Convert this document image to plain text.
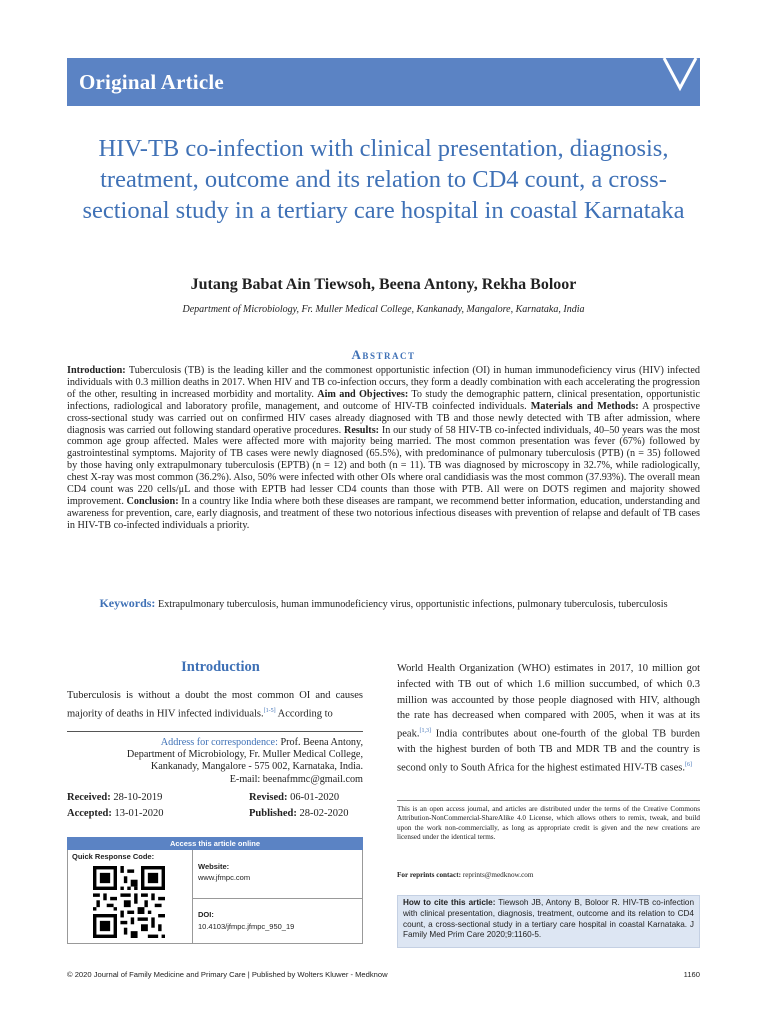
Original Article
HIV-TB co-infection with clinical presentation, diagnosis, treatment, outcome and its relation to CD4 count, a cross-sectional study in a tertiary care hospital in coastal Karnataka
Jutang Babat Ain Tiewsoh, Beena Antony, Rekha Boloor
Department of Microbiology, Fr. Muller Medical College, Kankanady, Mangalore, Karnataka, India
Abstract
Introduction: Tuberculosis (TB) is the leading killer and the commonest opportunistic infection (OI) in human immunodeficiency virus (HIV) infected individuals with 0.3 million deaths in 2017. When HIV and TB co-infection occurs, they form a deadly combination with each accelerating the progression of the other, resulting in increased morbidity and mortality. Aim and Objectives: To study the demographic pattern, clinical presentation, opportunistic infections, radiological and laboratory profile, management, and outcome of HIV-TB coinfected individuals. Materials and Methods: A prospective cross-sectional study was carried out on confirmed HIV cases already diagnosed with TB and those newly detected with TB after admission, where diagnosis was carried out following standard operative procedures. Results: In our study of 58 HIV-TB co-infected individuals, 40–50 years was the most common age group affected. Males were affected more with majority being married. The most common presentation was fever (67%) followed by gastrointestinal symptoms. Majority of TB cases were newly diagnosed (65.5%), with predominance of pulmonary tuberculosis (PTB) (n = 35) followed by those having only extrapulmonary tuberculosis (EPTB) (n = 12) and both (n = 11). TB was diagnosed by microscopy in 32.7%, while radiologically, chest X-ray was most common (36.2%). Also, 50% were infected with other OIs where oral candidiasis was the most common (37.93%). The overall mean CD4 count was 220 cells/μL and those with EPTB had lesser CD4 counts than those with PTB. All were on DOTS regimen and majority showed improvement. Conclusion: In a country like India where both these diseases are rampant, we recommend better information, education, understanding and awareness for prevention, care, early diagnosis, and treatment of these two notorious infectious diseases with prevention of relapse and default of TB cases in HIV-TB co-infected individuals a priority.
Keywords: Extrapulmonary tuberculosis, human immunodeficiency virus, opportunistic infections, pulmonary tuberculosis, tuberculosis
Introduction
Tuberculosis is without a doubt the most common OI and causes majority of deaths in HIV infected individuals.[1-5] According to
Address for correspondence: Prof. Beena Antony,
Department of Microbiology, Fr. Muller Medical College,
Kankanady, Mangalore - 575 002, Karnataka, India.
E-mail: beenafmmc@gmail.com
Received: 28-10-2019	Revised: 06-01-2020
Accepted: 13-01-2020	Published: 28-02-2020
Access this article online
Quick Response Code:
Website:
www.jfmpc.com
DOI:
10.4103/jfmpc.jfmpc_950_19
World Health Organization (WHO) estimates in 2017, 10 million got infected with TB out of which 1.6 million succumbed, of which 0.3 million was accounted by those people diagnosed with HIV, although the rate has decreased when compared with 2005, when it was at its peak.[1,3] India contributes about one-fourth of the global TB burden with the highest burden of both TB and MDR TB and the country is second only to South Africa for the highest estimated HIV-TB cases.[6]
This is an open access journal, and articles are distributed under the terms of the Creative Commons Attribution-NonCommercial-ShareAlike 4.0 License, which allows others to remix, tweak, and build upon the work non-commercially, as long as appropriate credit is given and the new creations are licensed under the identical terms.
For reprints contact: reprints@medknow.com
How to cite this article: Tiewsoh JB, Antony B, Boloor R. HIV-TB co-infection with clinical presentation, diagnosis, treatment, outcome and its relation to CD4 count, a cross-sectional study in a tertiary care hospital in coastal Karnataka. J Family Med Prim Care 2020;9:1160-5.
© 2020 Journal of Family Medicine and Primary Care | Published by Wolters Kluwer - Medknow	1160
